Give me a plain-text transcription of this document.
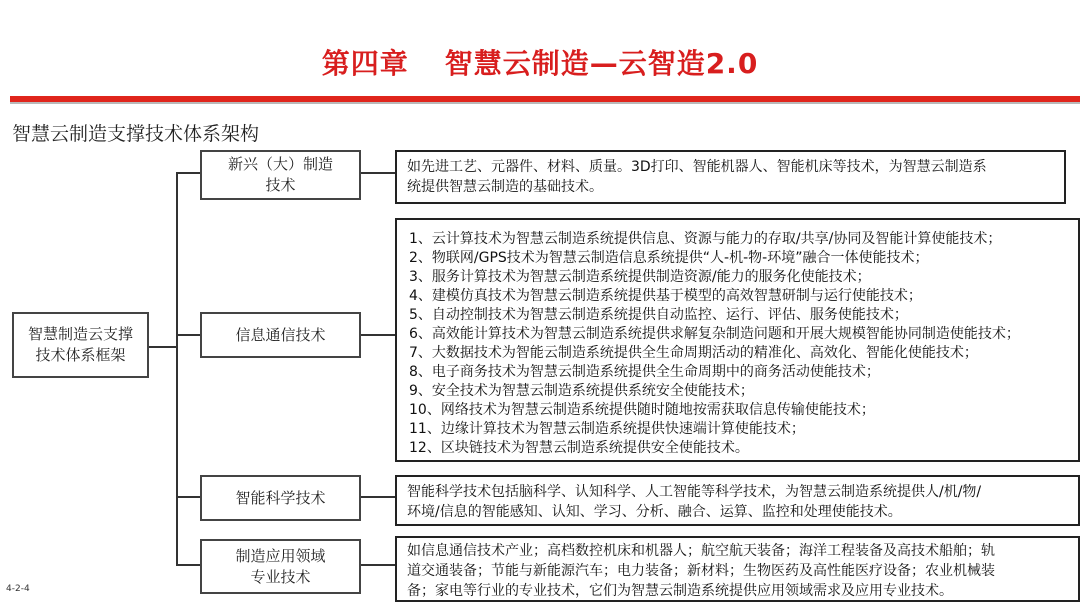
第四章 智慧云制造—云智造2.0
智慧云制造支撑技术体系架构
智慧制造云支撑
技术体系框架
新兴（大）制造
技术
如先进工艺、元器件、材料、质量。3D打印、智能机器人、智能机床等技术，为智慧云制造系
统提供智慧云制造的基础技术。
信息通信技术
1、云计算技术为智慧云制造系统提供信息、资源与能力的存取/共享/协同及智能计算使能技术；
2、物联网/GPS技术为智慧云制造信息系统提供“人-机-物-环境”融合一体使能技术；
3、服务计算技术为智慧云制造系统提供制造资源/能力的服务化使能技术；
4、建模仿真技术为智慧云制造系统提供基于模型的高效智慧研制与运行使能技术；
5、自动控制技术为智慧云制造系统提供自动监控、运行、评估、服务使能技术；
6、高效能计算技术为智慧云制造系统提供求解复杂制造问题和开展大规模智能协同制造使能技术；
7、大数据技术为智能云制造系统提供全生命周期活动的精准化、高效化、智能化使能技术；
8、电子商务技术为智慧云制造系统提供全生命周期中的商务活动使能技术；
9、安全技术为智慧云制造系统提供系统安全使能技术；
10、网络技术为智慧云制造系统提供随时随地按需获取信息传输使能技术；
11、边缘计算技术为智慧云制造系统提供快速端计算使能技术；
12、区块链技术为智慧云制造系统提供安全使能技术。
智能科学技术	智能科学技术包括脑科学、认知科学、人工智能等科学技术，为智慧云制造系统提供人/机/物/
环境/信息的智能感知、认知、学习、分析、融合、运算、监控和处理使能技术。
制造应用领域
专业技术
如信息通信技术产业；高档数控机床和机器人；航空航天装备；海洋工程装备及高技术船舶；轨
道交通装备；节能与新能源汽车；电力装备；新材料；生物医药及高性能医疗设备；农业机械装
备；家电等行业的专业技术，它们为智慧云制造系统提供应用领域需求及应用专业技术。
4-2-4
